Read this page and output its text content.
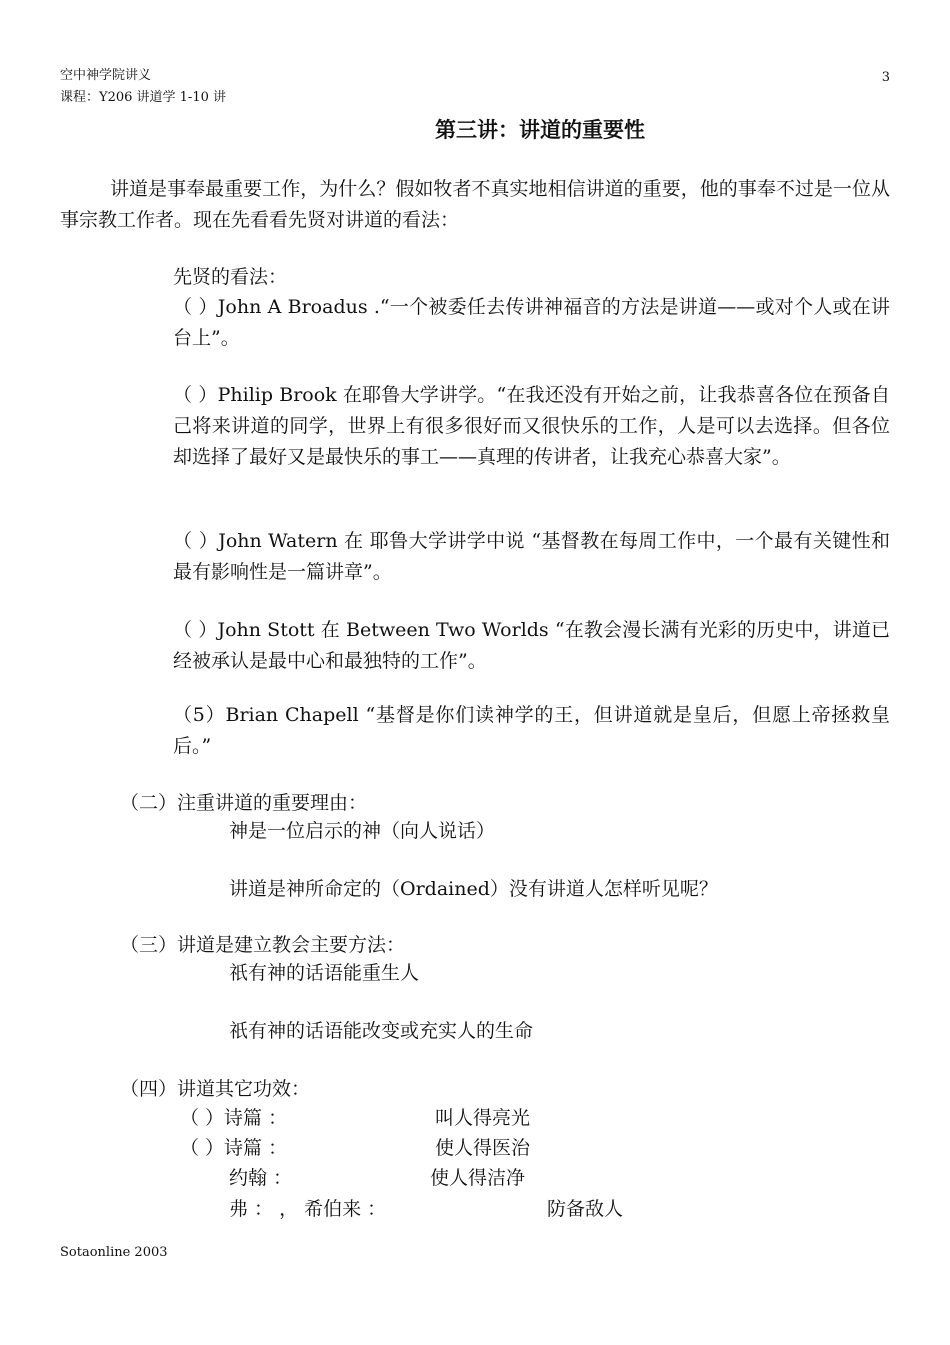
空中神学院讲义
课程：Y206 讲道学 1-10 讲
3
第三讲：讲道的重要性
讲道是事奉最重要工作，为什么？假如牧者不真实地相信讲道的重要，他的事奉不过是一位从事宗教工作者。现在先看看先贤对讲道的看法：
先贤的看法：
（ ）John A Broadus .“一个被委任去传讲神福音的方法是讲道——或对个人或在讲台上”。
（ ）Philip Brook 在耶鲁大学讲学。“在我还没有开始之前，让我恭喜各位在预备自己将来讲道的同学，世界上有很多很好而又很快乐的工作，人是可以去选择。但各位却选择了最好又是最快乐的事工——真理的传讲者，让我充心恭喜大家”。
（ ）John Watern 在 耶鲁大学讲学中说 “基督教在每周工作中，一个最有关键性和最有影响性是一篇讲章”。
（ ）John Stott 在 Between Two Worlds “在教会漫长满有光彩的历史中，讲道已经被承认是最中心和最独特的工作”。
（5）Brian Chapell “基督是你们读神学的王，但讲道就是皇后，但愿上帝拯救皇后。”
（二）注重讲道的重要理由：
神是一位启示的神（向人说话）
讲道是神所命定的（Ordained）没有讲道人怎样听见呢？
（三）讲道是建立教会主要方法：
祇有神的话语能重生人
祇有神的话语能改变或充实人的生命
（四）讲道其它功效：
（ ）诗篇 ：	叫人得亮光
（ ）诗篇 ：	使人得医治
约翰 ：	使人得洁净
弗 ： ， 希伯来 ：	防备敌人
Sotaonline 2003
